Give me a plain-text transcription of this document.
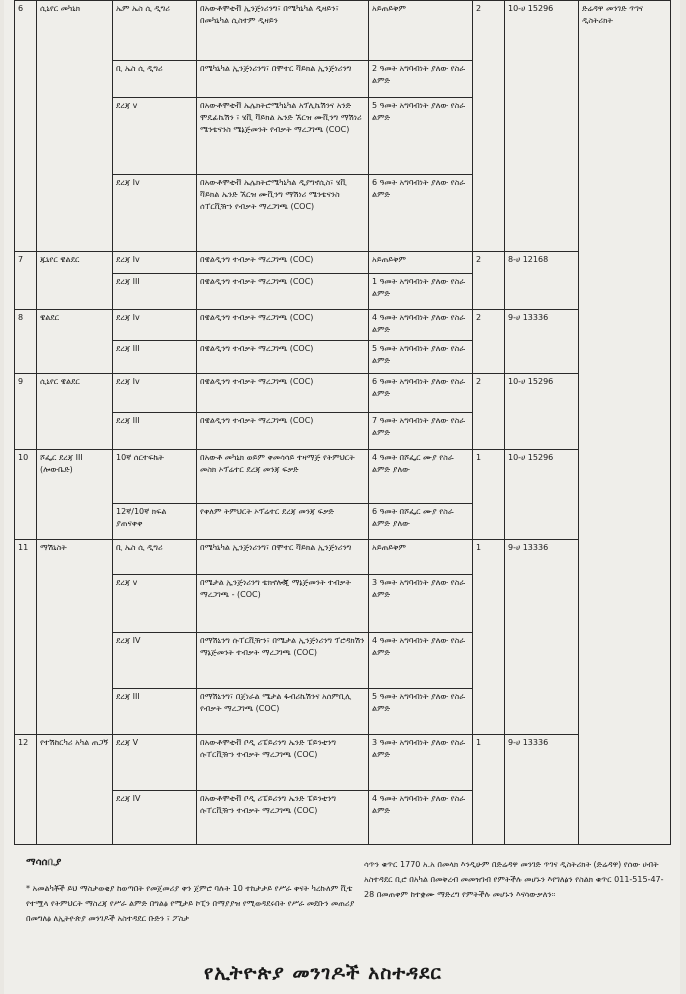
6	ሲኒየር መካኒክ	ኤም ኤስ ሲ ዲግሪ	በአውቶሞቲቭ ኢንጅነሪንግ፣ በሜካኒካል ዲዛይን፣ በመካኒካል ሲስተም ዲዛይን	አይጠይቅም	2	10-ሀ 15296	ድሬዳዋ መንገድ ጥገና ዲስትሪክት
		ቢ ኤስ ሲ ዲግሪ	በሜካኒካል ኢንጅነሪንግ፣ በሞተር ቫይክል ኢንጅነሪንግ	2 ዓመት አግባብነት ያለው የስራ ልምድ			
		ደረጃ v	በአውቶሞቲቭ ኤሌክትሮሜካኒካል አፕሊኬሽንና አንድ ሞዴፊኬሽን ፣ ሄቪ ቫይክል ኤንድ ኧርዝ ሙቪንግ ማሽነሪ ሜንቴናንስ ሜኔጅመንት የብቃት ማረጋገጫ (COC)	5 ዓመት አግባብነት ያለው የስራ ልምድ			
		ደረጃ Iv	በአውቶሞቲቭ ኤሌክትሮሜካኒካል ዲያግኖሲስ፣ ሄቪ ቫይክል ኤንድ ኧርዝ ሙቪንግ ማሽነሪ ሜንቴናንስ ሰፐርቪዥን የብቃት ማረጋገጫ (COC)	6 ዓመት አግባብነት ያለው የስራ ልምድ			
7	ጁኒየር ዌልደር	ደረጃ Iv	በዌልዲንግ ተብቃት ማረጋገጫ (COC)	አይጠይቅም	2	8-ሀ 12168	
		ደረጃ III	በዌልዲንግ ተብቃት ማረጋገጫ (COC)	1 ዓመት አግባብነት ያለው የስራ ልምድ			
8	ዌልደር	ደረጃ Iv	በዌልዲንግ ተብቃት ማረጋገጫ (COC)	4 ዓመት አግባብነት ያለው የስራ ልምድ	2	9-ሀ 13336	
		ደረጃ III	በዌልዲንግ ተብቃት ማረጋገጫ (COC)	5 ዓመት አግባብነት ያለው የስራ ልምድ			
9	ሲኒየር ዌልደር	ደረጃ Iv	በዌልዲንግ ተብቃት ማረጋገጫ (COC)	6 ዓመት አግባብነት ያለው የስራ ልምድ	2	10-ሀ 15296	
		ደረጃ III	በዌልዲንግ ተብቃት ማረጋገጫ (COC)	7 ዓመት አግባብነት ያለው የስራ ልምድ			
10	ሾፌር ደረጃ III (ሎውቤድ)	10ኛ ሰርተፍኬት	በአውቶ መካኒክ ወይም ቀመሳሳይ ተዛማጅ የትምህርት መስክ ኦፕሬተር ደረጃ መንጃ ፍቃድ	4 ዓመት በሾፌር ሙያ የስራ ልምድ ያለው	1	10-ሀ 15296	
		12ኛ/10ኛ ክፍል ያጠናቀቀ	የቀለም ትምህርት ኦፕሬተር ደረጃ መንጃ ፍቃድ	6 ዓመት በሾፌር ሙያ የስራ ልምድ ያለው			
11	ማሽኒስት	ቢ ኤስ ሲ ዲግሪ	በሜካኒካል ኢንጅነሪንግ፣ በሞተር ቫይክል ኢንጅነሪንግ	አይጠይቅም	1	9-ሀ 13336	
		ደረጃ v	በሜታል ኢንጅነሪንግ ቴክኖሎጂ ማኔጅመንት ተብቃት ማረጋገጫ - (COC)	3 ዓመት አግባብነት ያለው የስራ ልምድ			
		ደረጃ IV	በማሽኒንግ ሱፐርቪዥን፣ በሜታል ኢንጅነሪንግ ፕሮዳክሽን ማኔጅመንት ተብቃት ማረጋገጫ (COC)	4 ዓመት አግባብነት ያለው የስራ ልምድ			
		ደረጃ III	በማሽኒንግ፣ በጀነራል ሜታል ፋብሪኬሽንና አሰምቢሊ የብቃት ማረጋገጫ (COC)	5 ዓመት አግባብነት ያለው የስራ ልምድ			
12	የተሽከርካሪ አካል ጠጋኝ	ደረጃ V	በአውቶሞቲቭ ቦዲ ሪፔይሪንግ ኤንድ ፔይንቲንግ ሱፐርቪዥን ተብቃት ማረጋገጫ (COC)	3 ዓመት አግባብነት ያለው የስራ ልምድ	1	9-ሀ 13336	
		ደረጃ IV	በአውቶሞቲቭ ቦዲ ሪፔይሪንግ ኤንድ ፔይንቲንግ ሱፐርቪዥን ተብቃት ማረጋገጫ (COC)	4 ዓመት አግባብነት ያለው የስራ ልምድ			
ማሳሰቢያ
* አመልካቾች ይህ ማስታወቂያ ከወጣበት የመጀመሪያ ቀን ጀምሮ ባሉት 10 ተከታታይ የሥራ ቀናት ካረኩለም ቪቴ የተሟላ የትምህርት ማስረጃ የሥራ ልምድ በግልፅ የሚታይ ኮፒን በማያያዝ የሚወዳደሩበት የሥራ መደቡን መጠሪያ በመግለፅ ለኢትዮጵያ መንገዶች አስተዳደር ቡድን ፣ ፖስታ
ሳጥን ቁጥር 1770 አ.አ በመላክ እንዲሁም በድሬዳዋ መንገድ ጥገና ዲስትሪክት (ድሬዳዋ) የሰው ሀብት አስተዳደር ቢሮ በአካል በመቅረብ መመዝገብ የምትችሉ መሆኑን እየገለፅን የስልክ ቁጥር 011-515-47-28 በመጠቀም ከተቋሙ ማድረግ የምትችሉ መሆኑን እናሳውቃለን፡፡
የኢትዮጵያ መንገዶች አስተዳደር
